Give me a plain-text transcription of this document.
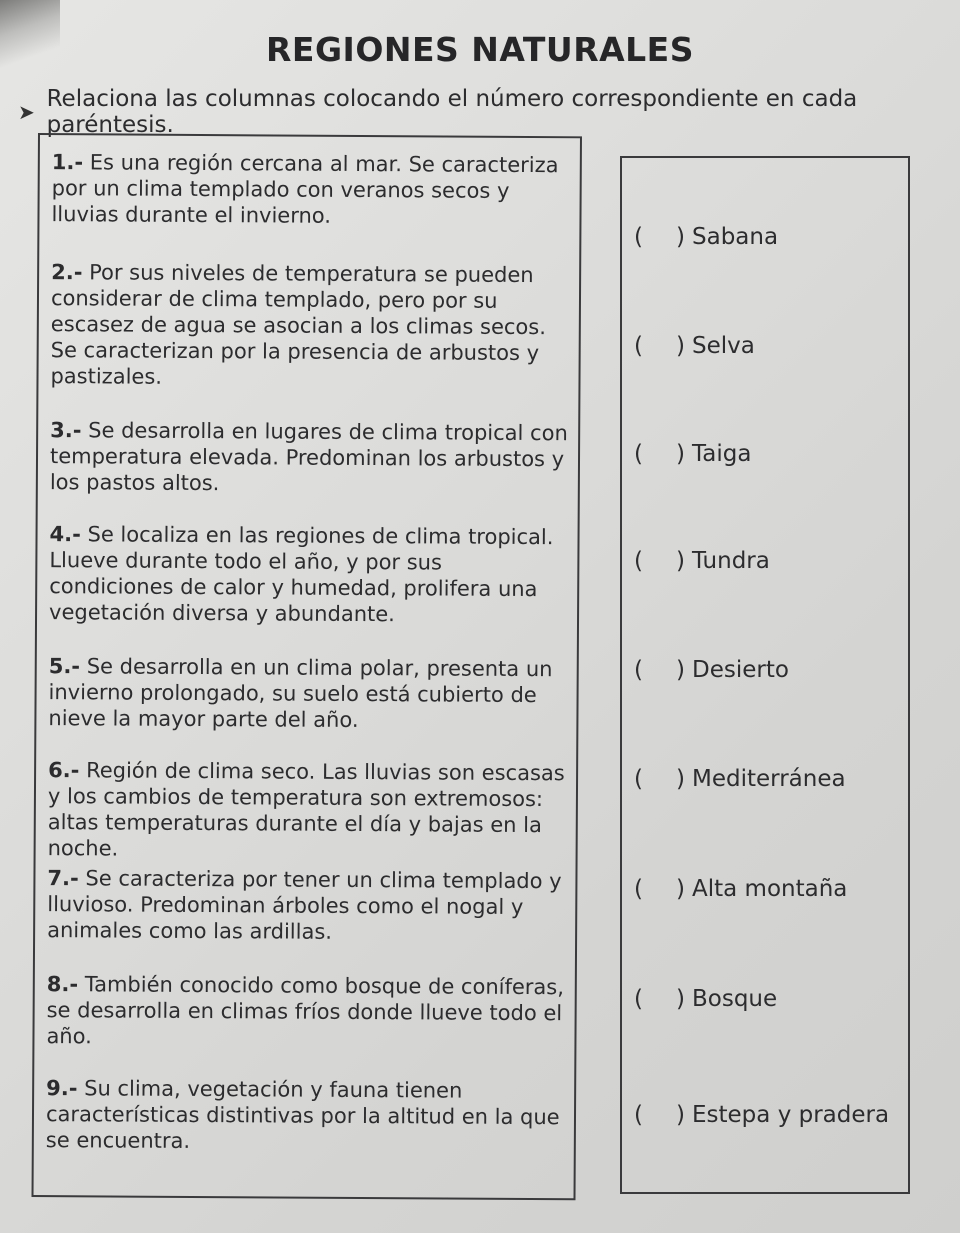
REGIONES NATURALES
➤ Relaciona las columnas colocando el número correspondiente en cada paréntesis.
1.- Es una región cercana al mar. Se caracteriza por un clima templado con veranos secos y lluvias durante el invierno.
2.- Por sus niveles de temperatura se pueden considerar de clima templado, pero por su escasez de agua se asocian a los climas secos. Se caracterizan por la presencia de arbustos y pastizales.
3.- Se desarrolla en lugares de clima tropical con temperatura elevada. Predominan los arbustos y los pastos altos.
4.- Se localiza en las regiones de clima tropical. Llueve durante todo el año, y por sus condiciones de calor y humedad, prolifera una vegetación diversa y abundante.
5.- Se desarrolla en un clima polar, presenta un invierno prolongado, su suelo está cubierto de nieve la mayor parte del año.
6.- Región de clima seco. Las lluvias son escasas y los cambios de temperatura son extremosos: altas temperaturas durante el día y bajas en la noche.
7.- Se caracteriza por tener un clima templado y lluvioso. Predominan árboles como el nogal y animales como las ardillas.
8.- También conocido como bosque de coníferas, se desarrolla en climas fríos donde llueve todo el año.
9.- Su clima, vegetación y fauna tienen características distintivas por la altitud en la que se encuentra.
( ) Sabana
( ) Selva
( ) Taiga
( ) Tundra
( ) Desierto
( ) Mediterránea
( ) Alta montaña
( ) Bosque
( ) Estepa y pradera
